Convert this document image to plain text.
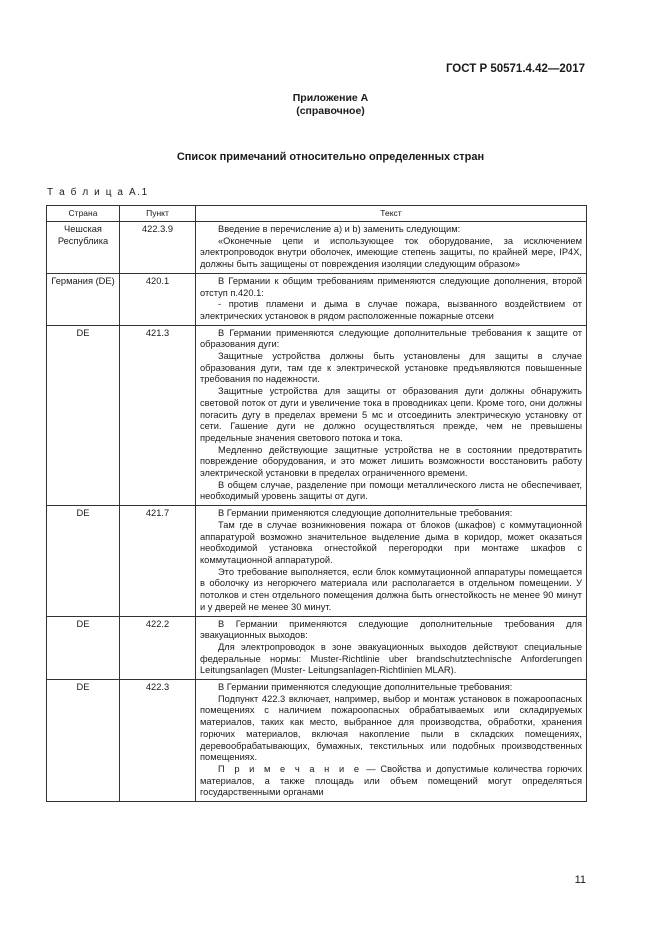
ГОСТ Р 50571.4.42—2017
Приложение А
(справочное)
Список примечаний относительно определенных стран
Т а б л и ц а А.1
Страна	Пункт	Текст
Чешская Республика	422.3.9	Введение в перечисление а) и b) заменить следующим:

«Оконечные цепи и использующее ток оборудование, за исключением электропроводок внутри оболочек, имеющие степень защиты, по крайней мере, IP4X, должны быть защищены от повреждения изоляции следующим образом»

Германия (DE)	420.1	В Германии к общим требованиям применяются следующие дополнения, второй отступ п.420.1:

- против пламени и дыма в случае пожара, вызванного воздействием от электрических установок в рядом расположенные пожарные отсеки

DE	421.3	В Германии применяются следующие дополнительные требования к защите от образования дуги:

Защитные устройства должны быть установлены для защиты в случае образования дуги, там где к электрической установке предъявляются повышенные требования по надежности.

Защитные устройства для защиты от образования дуги должны обнаружить световой поток от дуги и увеличение тока в проводниках цепи. Кроме того, они должны погасить дугу в пределах времени 5 мс и отсоединить электрическую установку от сети. Гашение дуги не должно осуществляться прежде, чем не превышены предельные значения светового потока и тока.

Медленно действующие защитные устройства не в состоянии предотвратить повреждение оборудования, и это может лишить возможности восстановить работу электрической установки в пределах ограниченного времени.

В общем случае, разделение при помощи металлического листа не обеспечивает, необходимый уровень защиты от дуги.

DE	421.7	В Германии применяются следующие дополнительные требования:

Там где в случае возникновения пожара от блоков (шкафов) с коммутационной аппаратурой возможно значительное выделение дыма в коридор, может оказаться необходимой установка огнестойкой перегородки при монтаже шкафов с коммутационной аппаратурой.

Это требование выполняется, если блок коммутационной аппаратуры помещается в оболочку из негорючего материала или располагается в отдельном помещении. У потолков и стен отдельного помещения должна быть огнестойкость не менее 90 минут и у дверей не менее 30 минут.

DE	422.2	В Германии применяются следующие дополнительные требования для эвакуационных выходов:

Для электропроводок в зоне эвакуационных выходов действуют специальные федеральные нормы: Muster-Richtlinie uber brandschutztechnische Anforderungen Leitungsanlagen (Muster- Leitungsanlagen-Richtlinien MLAR).

DE	422.3	В Германии применяются следующие дополнительные требования:

Подпункт 422.3 включает, например, выбор и монтаж установок в пожароопасных помещениях с наличием пожароопасных обрабатываемых или складируемых материалов, таких как место, выбранное для производства, обработки, хранения горючих материалов, включая накопление пыли в складских помещениях, деревообрабатывающих, бумажных, текстильных или подобных производственных помещениях.

П р и м е ч а н и е — Свойства и допустимые количества горючих материалов, а также площадь или объем помещений могут определяться государственными органами

11
